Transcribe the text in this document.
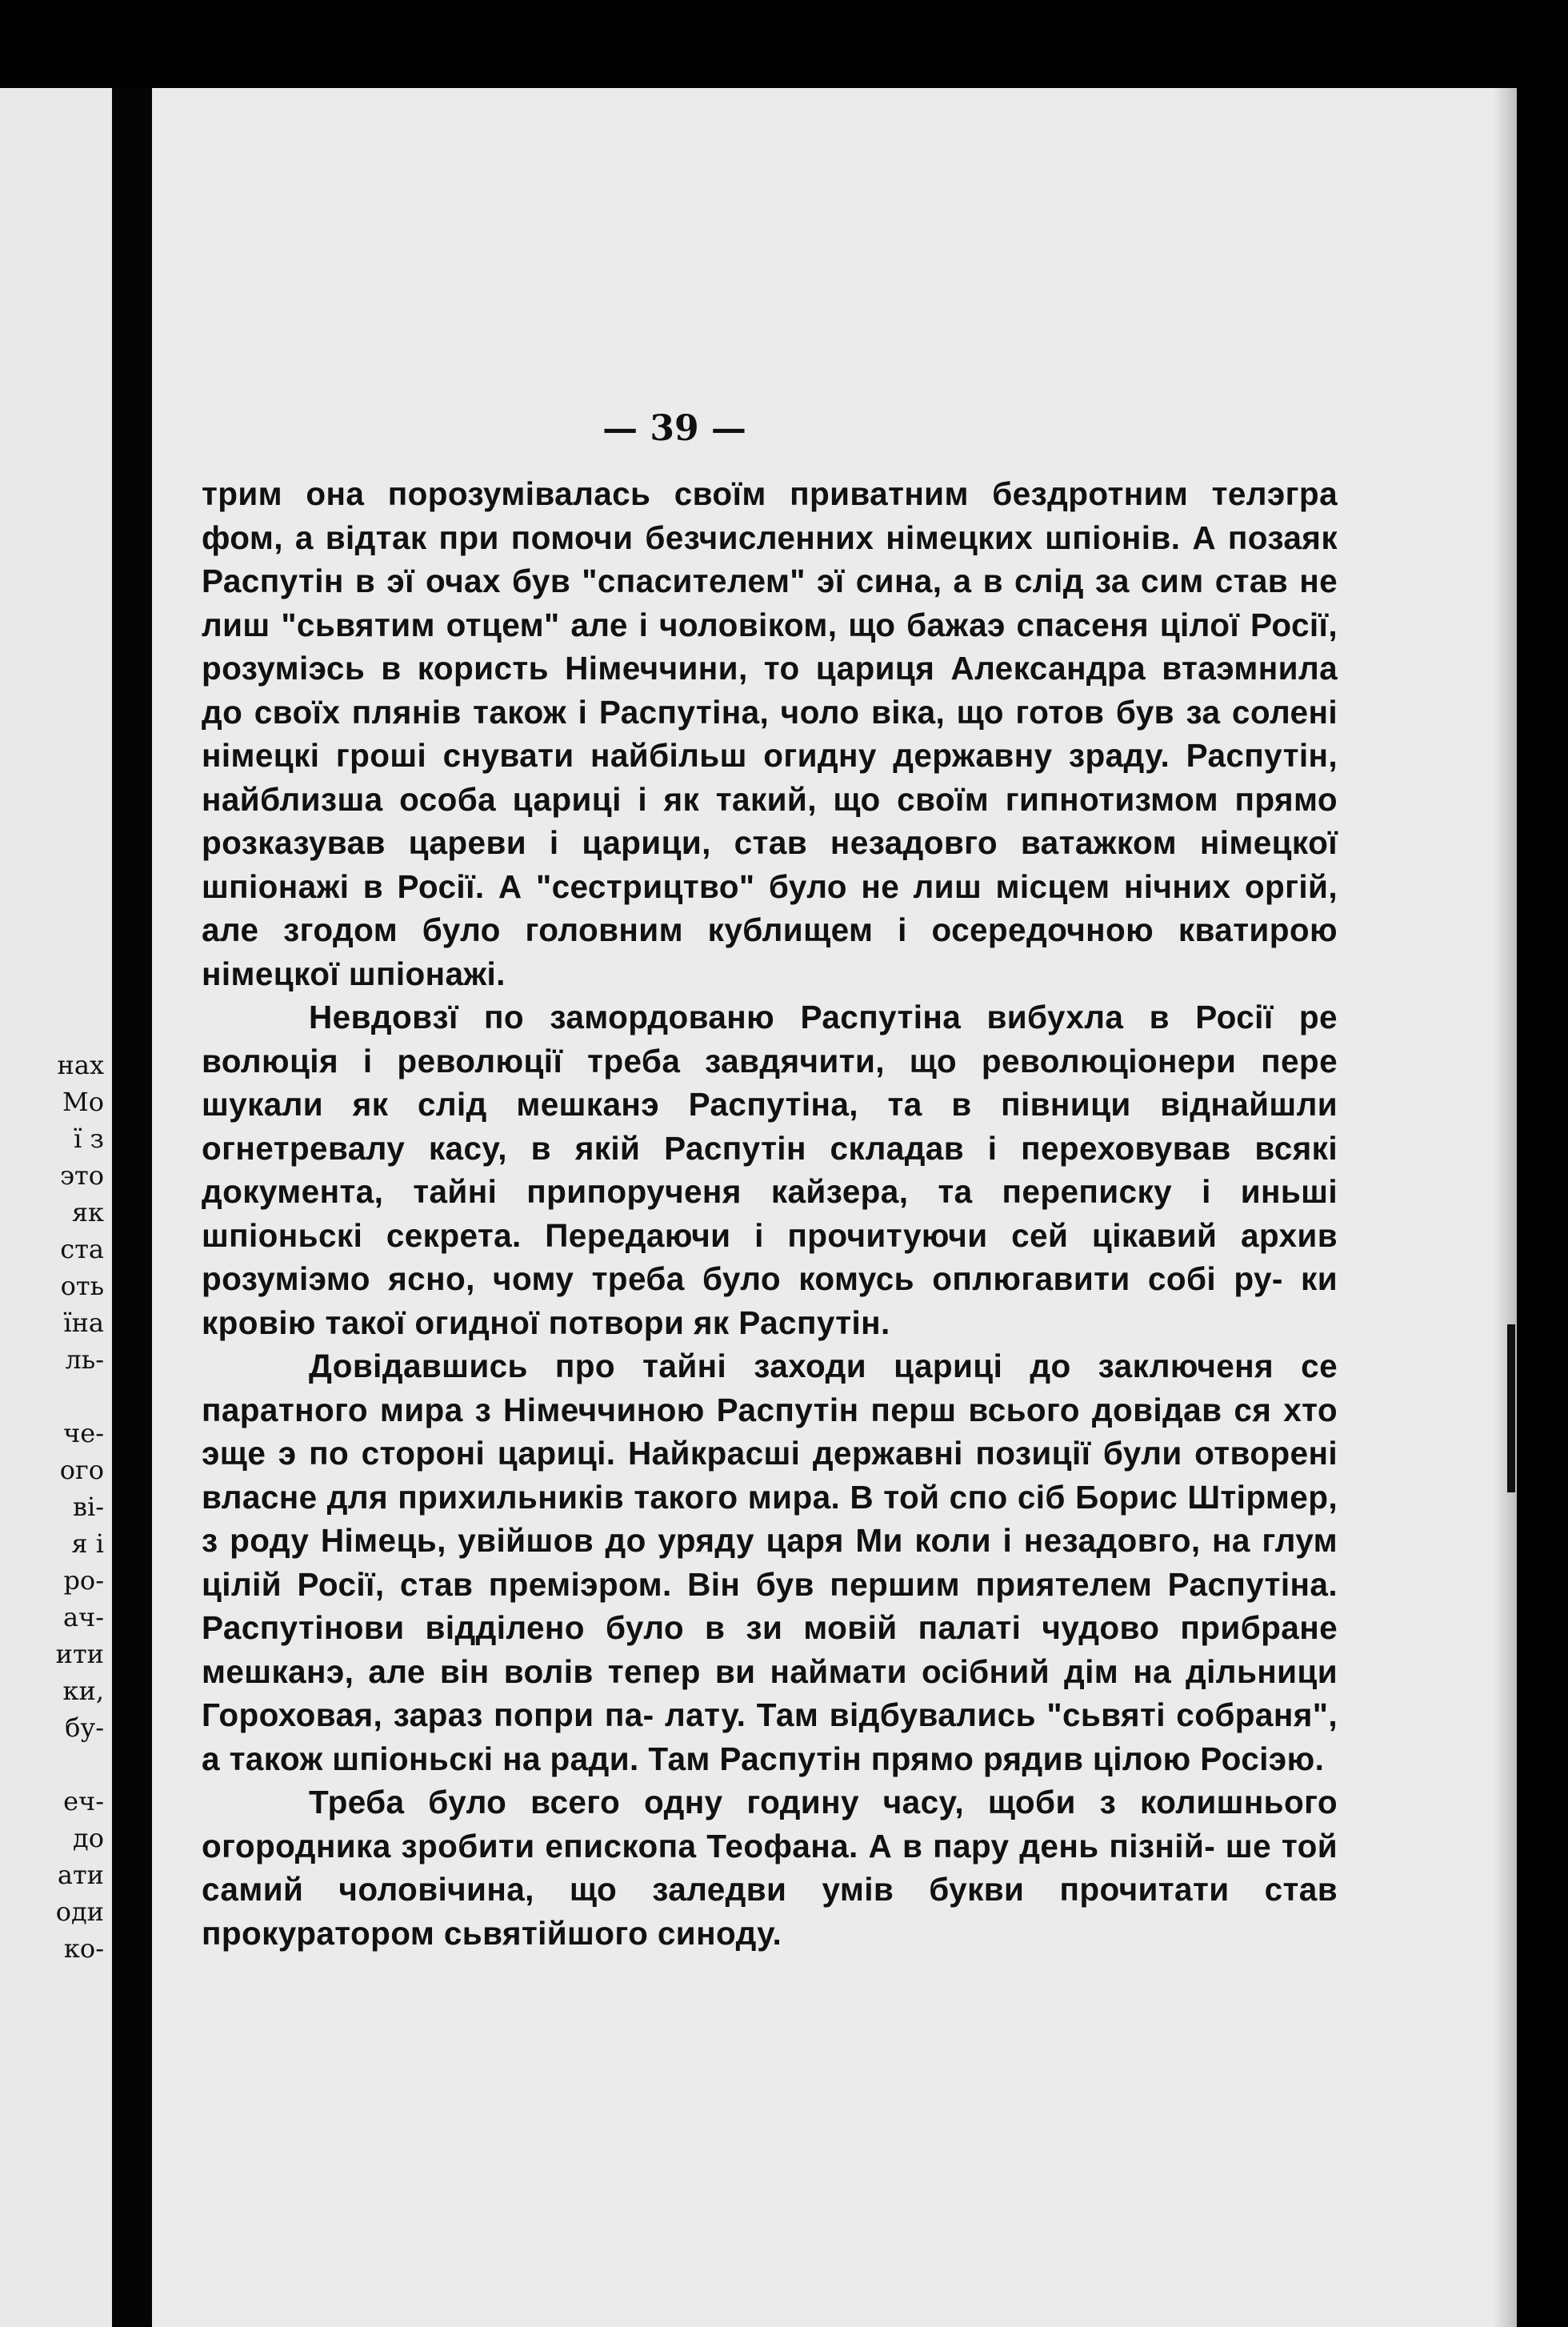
нах
Мо
ї з
это
як
ста
оть
їна
ль-
че-
ого
ві-
я і
ро-
ач-
ити
ки,
бу-
еч-
до
ати
оди
ко-
— 39 —

трим она порозумівалась своїм приватним бездротним телэгра фом, а відтак при помочи безчисленних німецких шпіонів. А позаяк Распутін в эї очах був "спасителем" эї сина, а в слід за сим став не лиш "сьвятим отцем" але і чоловіком, що бажаэ спасеня цілої Росії, розуміэсь в користь Німеччини, то цариця Александра втаэмнила до своїх плянів також і Распутіна, чоло віка, що готов був за солені німецкі гроші снувати найбільш огидну державну зраду. Распутін, найблизша особа цариці і як такий, що своїм гипнотизмом прямо розказував цареви і царици, став незадовго ватажком німецкої шпіонажі в Росії. А "сестрицтво" було не лиш місцем нічних оргій, але згодом було головним кублищем і осередочною кватирою німецкої шпіонажі.

Невдовзї по замордованю Распутіна вибухла в Росії ре волюція і революції треба завдячити, що революціонери пере шукали як слід мешканэ Распутіна, та в півници віднайшли огнетревалу касу, в якій Распутін складав і переховував всякі документа, тайні припорученя кайзера, та переписку і иньші шпіоньскі секрета. Передаючи і прочитуючи сей цікавий архив розуміэмо ясно, чому треба було комусь оплюгавити собі ру- ки кровію такої огидної потвори як Распутін.

Довідавшись про тайні заходи цариці до заключеня се паратного мира з Німеччиною Распутін перш всього довідав ся хто эще э по стороні цариці. Найкрасші державні позиції були отворені власне для прихильників такого мира. В той спо сіб Борис Штірмер, з роду Німець, увійшов до уряду царя Ми коли і незадовго, на глум цілій Росії, став преміэром. Він був першим приятелем Распутіна. Распутінови відділено було в зи мовій палаті чудово прибране мешканэ, але він волів тепер ви наймати осібний дім на дільници Гороховая, зараз попри па- лату. Там відбувались "сьвяті собраня", а також шпіоньскі на ради. Там Распутін прямо рядив цілою Росіэю.

Треба було всего одну годину часу, щоби з колишнього огородника зробити епископа Теофана. А в пару день пізній- ше той самий чоловічина, що заледви умів букви прочитати став прокуратором сьвятійшого синоду.
